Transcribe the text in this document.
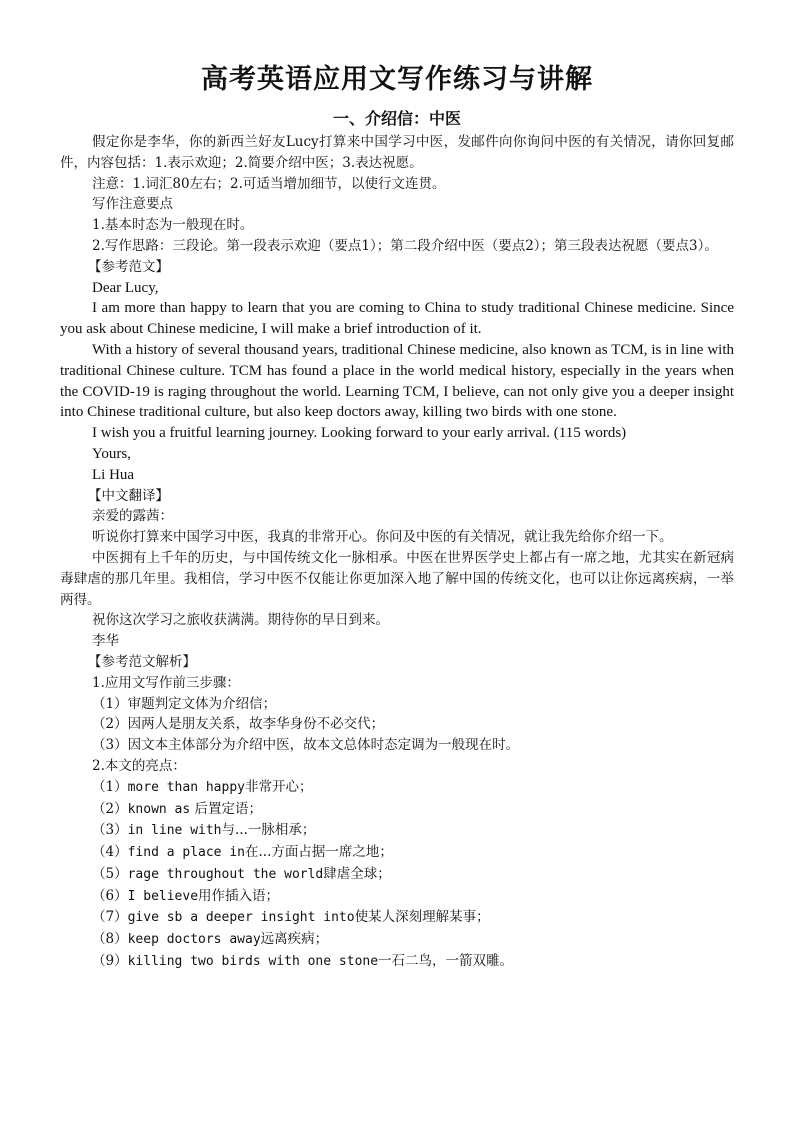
高考英语应用文写作练习与讲解
一、介绍信：中医

假定你是李华，你的新西兰好友Lucy打算来中国学习中医，发邮件向你询问中医的有关情况，请你回复邮件，内容包括：1.表示欢迎；2.简要介绍中医；3.表达祝愿。

注意：1.词汇80左右；2.可适当增加细节，以使行文连贯。

写作注意要点

1.基本时态为一般现在时。

2.写作思路：三段论。第一段表示欢迎（要点1）；第二段介绍中医（要点2）；第三段表达祝愿（要点3）。

【参考范文】

Dear Lucy,

I am more than happy to learn that you are coming to China to study traditional Chinese medicine. Since you ask about Chinese medicine, I will make a brief introduction of it.

With a history of several thousand years, traditional Chinese medicine, also known as TCM, is in line with traditional Chinese culture. TCM has found a place in the world medical history, especially in the years when the COVID-19 is raging throughout the world. Learning TCM, I believe, can not only give you a deeper insight into Chinese traditional culture, but also keep doctors away, killing two birds with one stone.

I wish you a fruitful learning journey. Looking forward to your early arrival. (115 words)

Yours,

Li Hua

【中文翻译】

亲爱的露茜：

听说你打算来中国学习中医，我真的非常开心。你问及中医的有关情况，就让我先给你介绍一下。

中医拥有上千年的历史，与中国传统文化一脉相承。中医在世界医学史上都占有一席之地，尤其实在新冠病毒肆虐的那几年里。我相信，学习中医不仅能让你更加深入地了解中国的传统文化，也可以让你远离疾病，一举两得。

祝你这次学习之旅收获满满。期待你的早日到来。

李华

【参考范文解析】

1.应用文写作前三步骤：

（1）审题判定文体为介绍信；

（2）因两人是朋友关系，故李华身份不必交代；

（3）因文本主体部分为介绍中医，故本文总体时态定调为一般现在时。

2.本文的亮点：

（1）more than happy非常开心；

（2）known as 后置定语；

（3）in line with与...一脉相承；

（4）find a place in在...方面占据一席之地；

（5）rage throughout the world肆虐全球；

（6）I believe用作插入语；

（7）give sb a deeper insight into使某人深刻理解某事；

（8）keep doctors away远离疾病；

（9）killing two birds with one stone一石二鸟，一箭双雕。
